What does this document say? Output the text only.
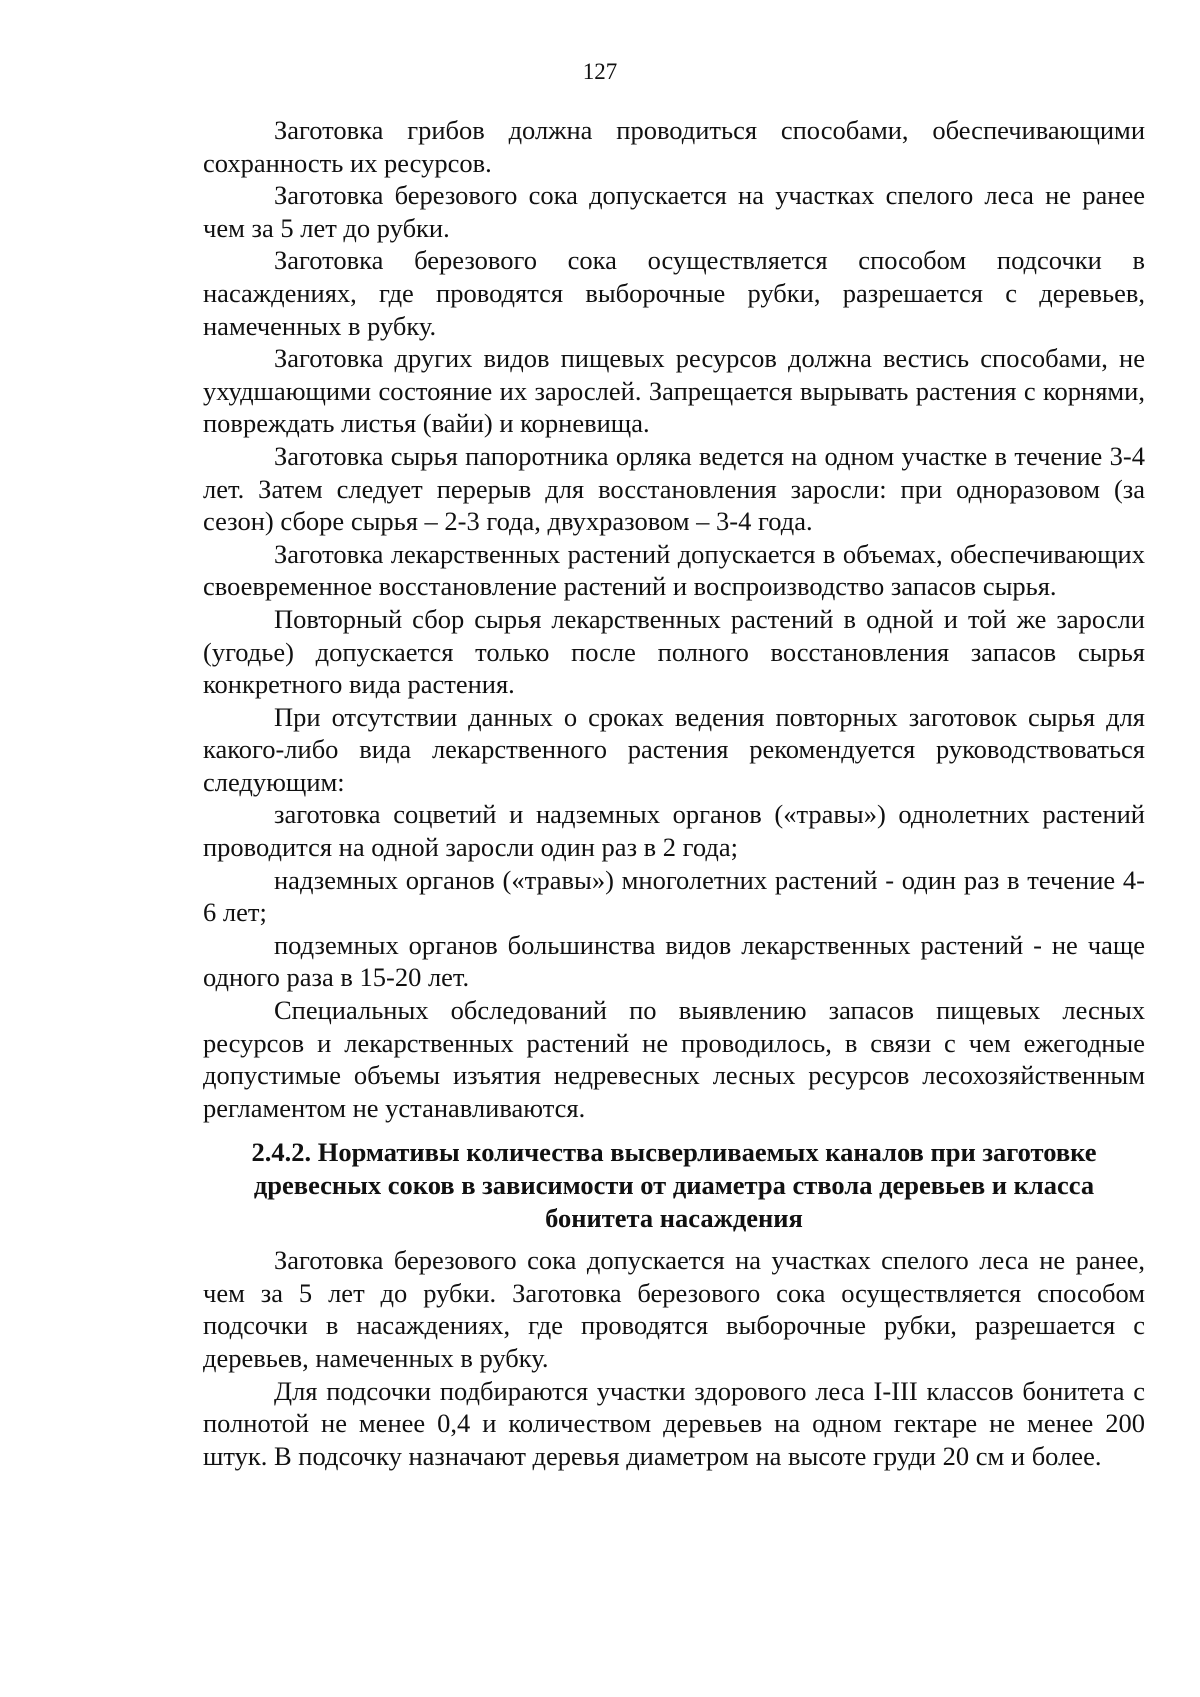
127

Заготовка грибов должна проводиться способами, обеспечивающими сохранность их ресурсов.

Заготовка березового сока допускается на участках спелого леса не ранее чем за 5 лет до рубки.

Заготовка березового сока осуществляется способом подсочки в насаждениях, где проводятся выборочные рубки, разрешается с деревьев, намеченных в рубку.

Заготовка других видов пищевых ресурсов должна вестись способами, не ухудшающими состояние их зарослей. Запрещается вырывать растения с корнями, повреждать листья (вайи) и корневища.

Заготовка сырья папоротника орляка ведется на одном участке в течение 3-4 лет. Затем следует перерыв для восстановления заросли: при одноразовом (за сезон) сборе сырья – 2-3 года, двухразовом – 3-4 года.

Заготовка лекарственных растений допускается в объемах, обеспечивающих своевременное восстановление растений и воспроизводство запасов сырья.

Повторный сбор сырья лекарственных растений в одной и той же заросли (угодье) допускается только после полного восстановления запасов сырья конкретного вида растения.

При отсутствии данных о сроках ведения повторных заготовок сырья для какого-либо вида лекарственного растения рекомендуется руководствоваться следующим:

заготовка соцветий и надземных органов («травы») однолетних растений проводится на одной заросли один раз в 2 года;

надземных органов («травы») многолетних растений - один раз в течение 4-6 лет;

подземных органов большинства видов лекарственных растений - не чаще одного раза в 15-20 лет.

Специальных обследований по выявлению запасов пищевых лесных ресурсов и лекарственных растений не проводилось, в связи с чем ежегодные допустимые объемы изъятия недревесных лесных ресурсов лесохозяйственным регламентом не устанавливаются.

2.4.2. Нормативы количества высверливаемых каналов при заготовке древесных соков в зависимости от диаметра ствола деревьев и класса бонитета насаждения

Заготовка березового сока допускается на участках спелого леса не ранее, чем за 5 лет до рубки. Заготовка березового сока осуществляется способом подсочки в насаждениях, где проводятся выборочные рубки, разрешается с деревьев, намеченных в рубку.

Для подсочки подбираются участки здорового леса I-III классов бонитета с полнотой не менее 0,4 и количеством деревьев на одном гектаре не менее 200 штук. В подсочку назначают деревья диаметром на высоте груди 20 см и более.
